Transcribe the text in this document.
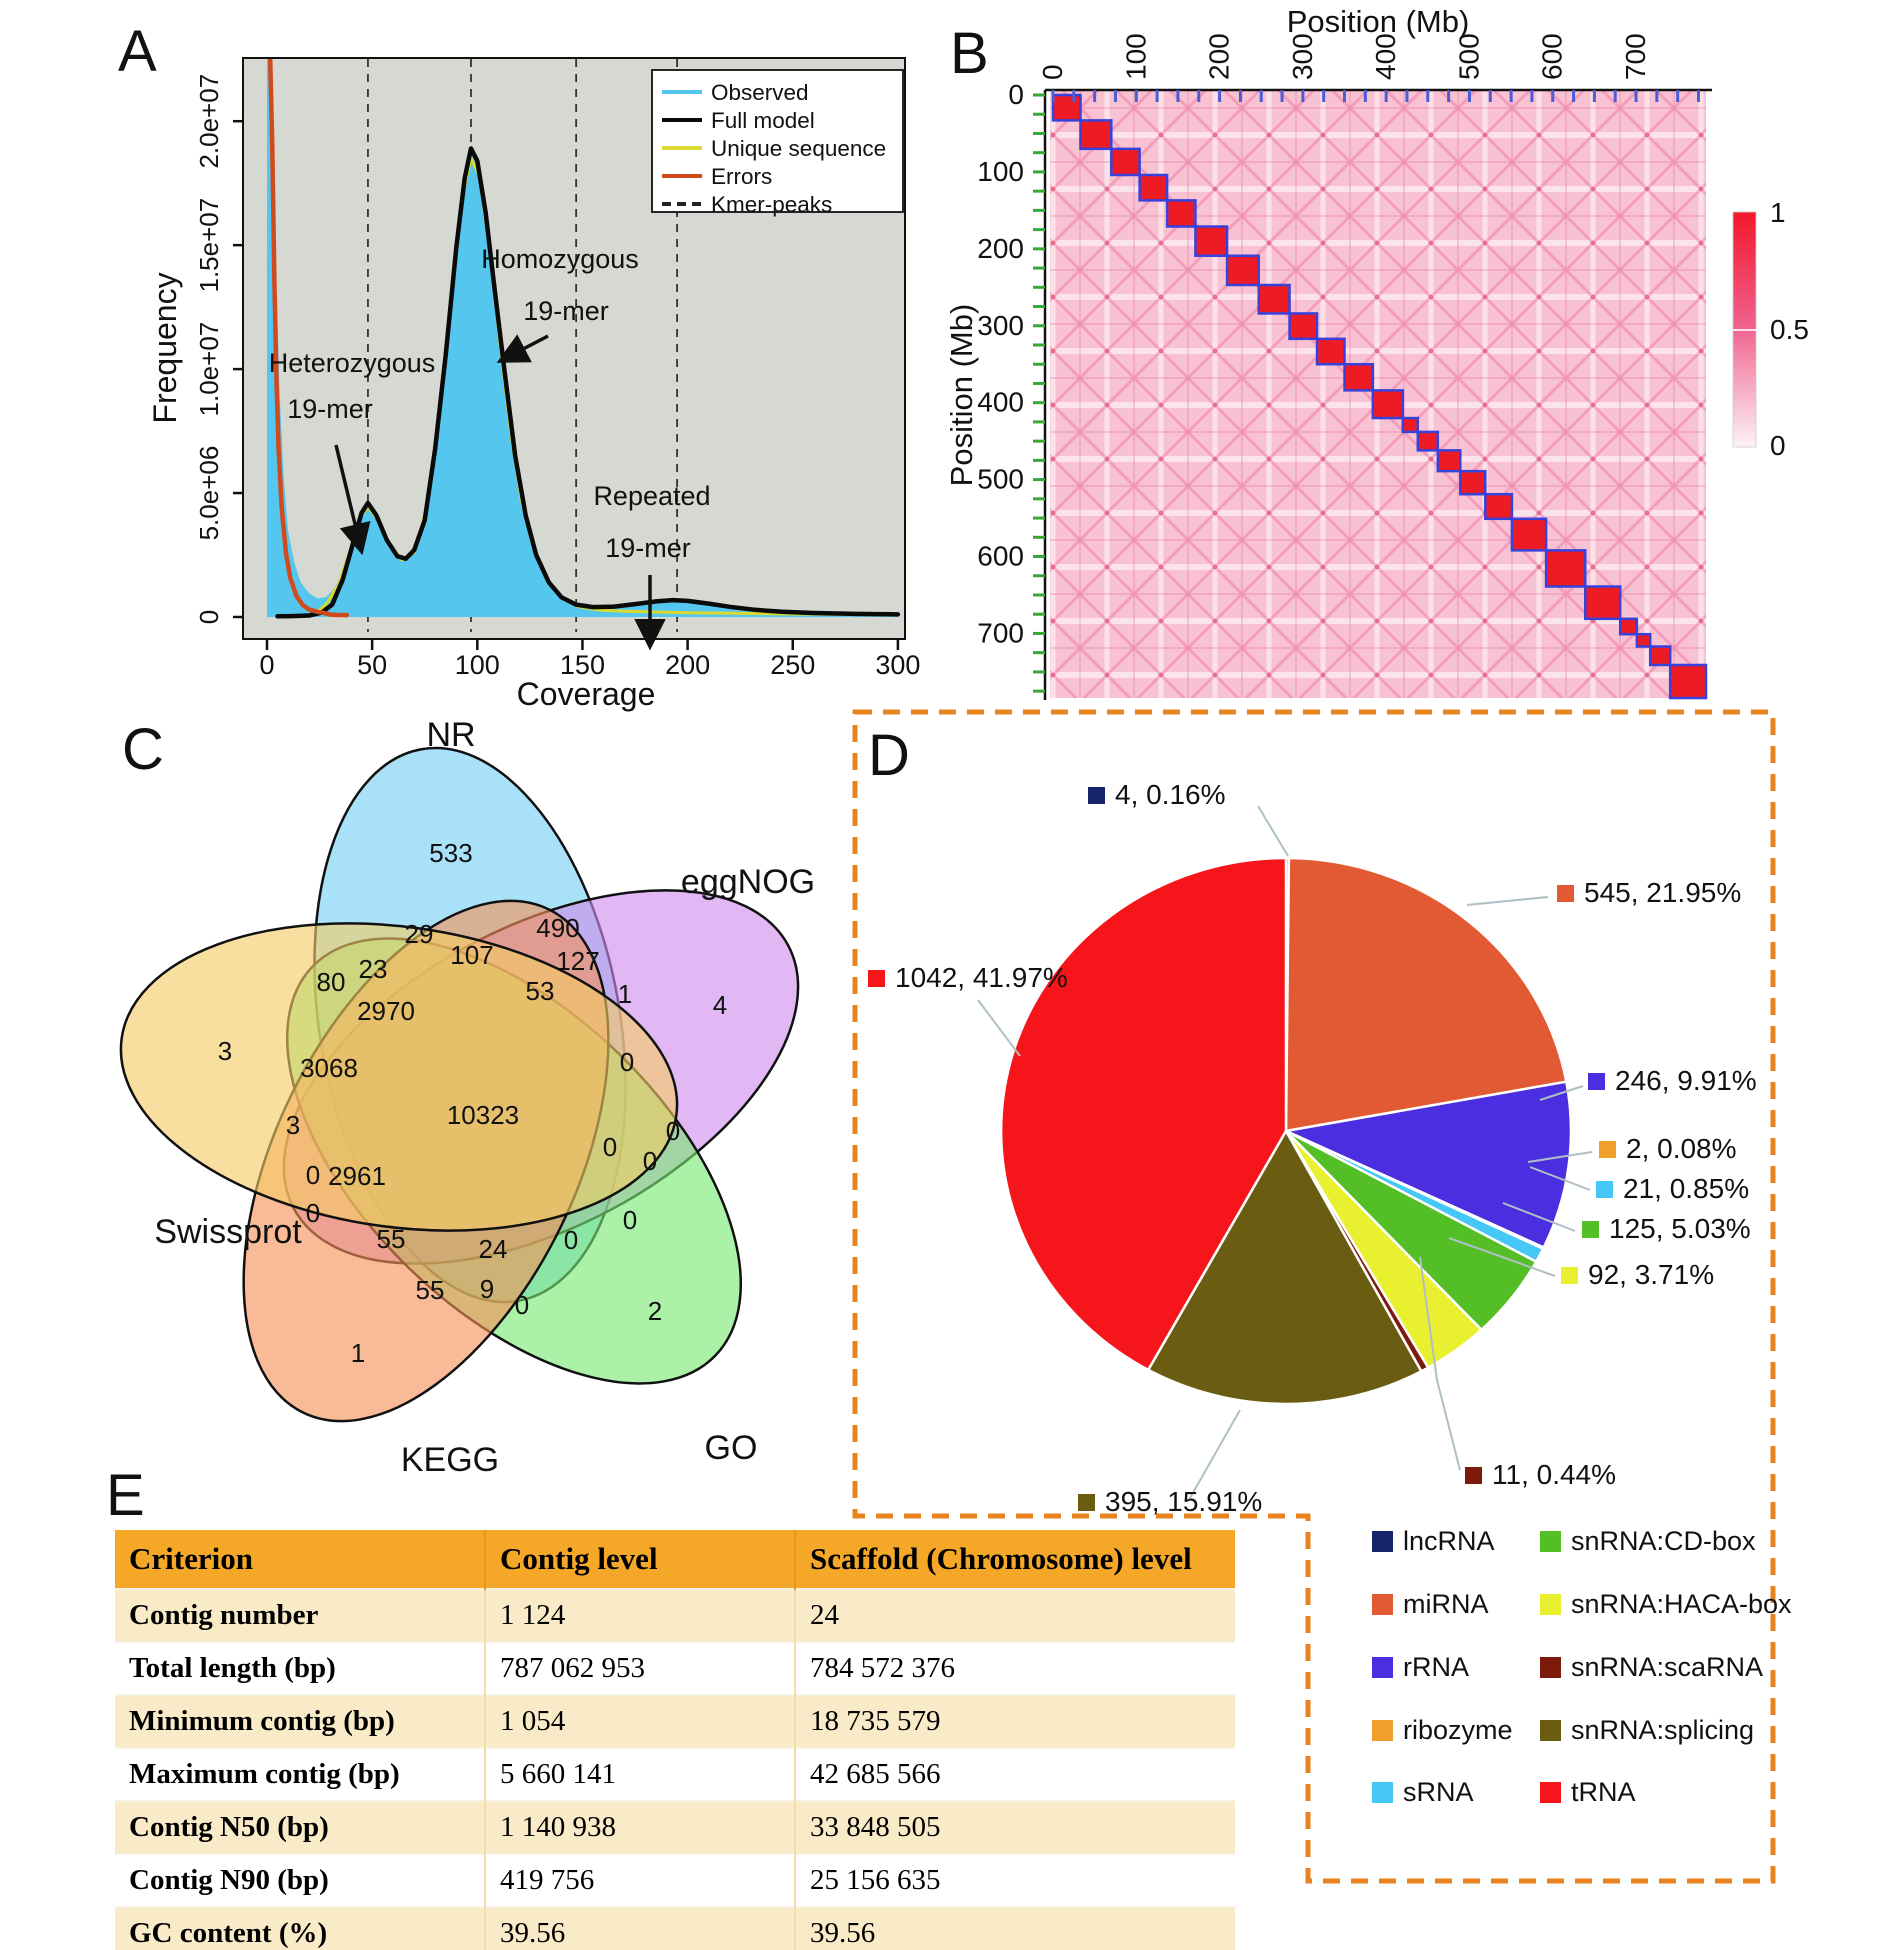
0
5.0e+06
1.0e+07
1.5e+07
2.0e+07
0	50	100 150 200 250 300
Frequency
Coverage
Observed
Full model
Unique sequence
Errors
Kmer-peaks
Heterozygous
19-mer
Homozygous
19-mer
Repeated
19-mer
0
0
100
100
200
200
300
300
400
400
500
500
600
600
700
700
Position (Mb)
Position (Mb)
1
0.5
0
NR
eggNOG
GO
KEGG
Swissprot
533
29	490
107 127
23
80	53 1	4
2970
3
3068	0
10323
3	0
0 0
0 2961
0
55	24 0
0
55 9
0
1
2
4, 0.16%
545, 21.95%
246, 9.91%
2, 0.08%
21, 0.85%
125, 5.03%
92, 3.71%
11, 0.44%
395, 15.91%
1042, 41.97%
lncRNA	snRNA:CD-box
miRNA	snRNA:HACA-box
rRNA	snRNA:scaRNA
ribozyme snRNA:splicing
sRNA	tRNA
A	B
C	D
E
Criterion	Contig level	Scaffold (Chromosome) level
Contig number	1 124	24
Total length (bp)	787 062 953	784 572 376
Minimum contig (bp)	1 054	18 735 579
Maximum contig (bp)	5 660 141	42 685 566
Contig N50 (bp)	1 140 938	33 848 505
Contig N90 (bp)	419 756	25 156 635
GC content (%)	39.56	39.56
